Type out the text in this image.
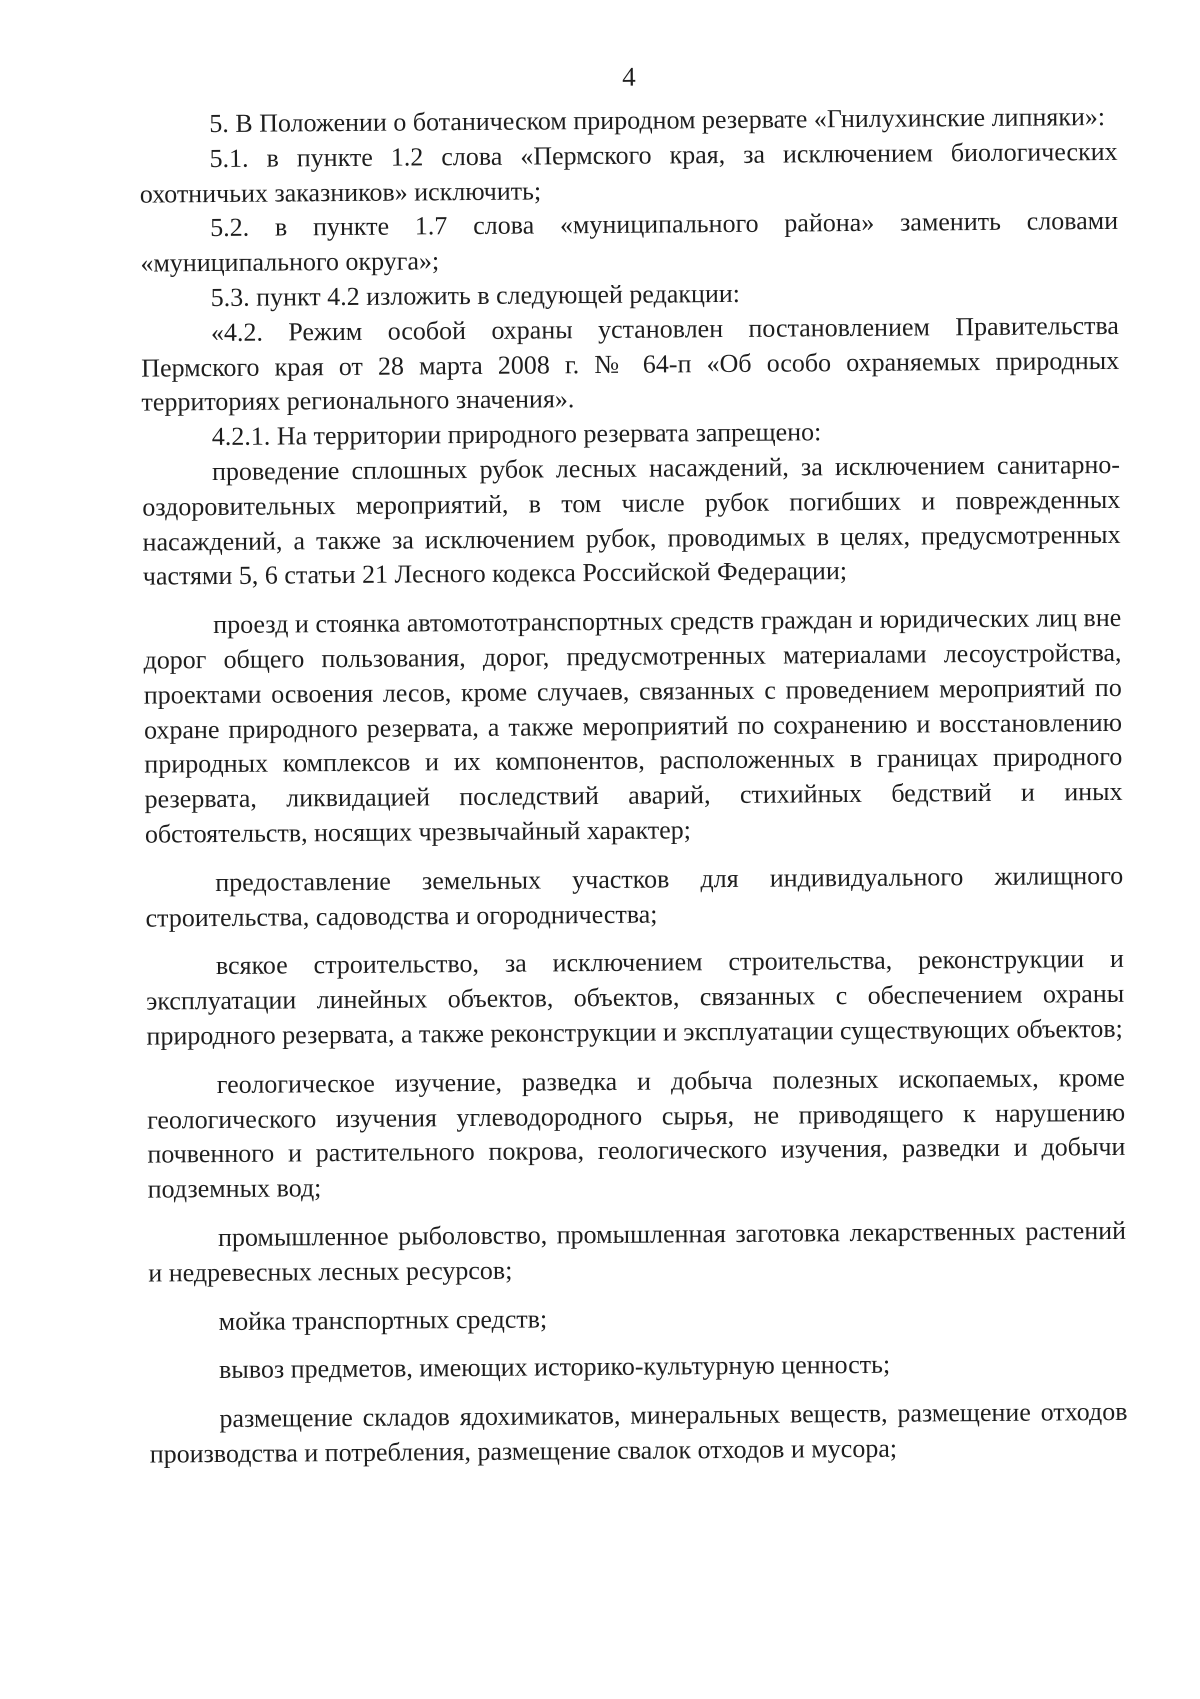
4

5. В Положении о ботаническом природном резервате «Гнилухинские липняки»:

5.1. в пункте 1.2 слова «Пермского края, за исключением биологических охотничьих заказников» исключить;

5.2. в пункте 1.7 слова «муниципального района» заменить словами «муниципального округа»;

5.3. пункт 4.2 изложить в следующей редакции:

«4.2. Режим особой охраны установлен постановлением Правительства Пермского края от 28 марта 2008 г. № 64-п «Об особо охраняемых природных территориях регионального значения».

4.2.1. На территории природного резервата запрещено:

проведение сплошных рубок лесных насаждений, за исключением санитарно-оздоровительных мероприятий, в том числе рубок погибших и поврежденных насаждений, а также за исключением рубок, проводимых в целях, предусмотренных частями 5, 6 статьи 21 Лесного кодекса Российской Федерации;

проезд и стоянка автомототранспортных средств граждан и юридических лиц вне дорог общего пользования, дорог, предусмотренных материалами лесоустройства, проектами освоения лесов, кроме случаев, связанных с проведением мероприятий по охране природного резервата, а также мероприятий по сохранению и восстановлению природных комплексов и их компонентов, расположенных в границах природного резервата, ликвидацией последствий аварий, стихийных бедствий и иных обстоятельств, носящих чрезвычайный характер;

предоставление земельных участков для индивидуального жилищного строительства, садоводства и огородничества;

всякое строительство, за исключением строительства, реконструкции и эксплуатации линейных объектов, объектов, связанных с обеспечением охраны природного резервата, а также реконструкции и эксплуатации существующих объектов;

геологическое изучение, разведка и добыча полезных ископаемых, кроме геологического изучения углеводородного сырья, не приводящего к нарушению почвенного и растительного покрова, геологического изучения, разведки и добычи подземных вод;

промышленное рыболовство, промышленная заготовка лекарственных растений и недревесных лесных ресурсов;

мойка транспортных средств;

вывоз предметов, имеющих историко-культурную ценность;

размещение складов ядохимикатов, минеральных веществ, размещение отходов производства и потребления, размещение свалок отходов и мусора;
